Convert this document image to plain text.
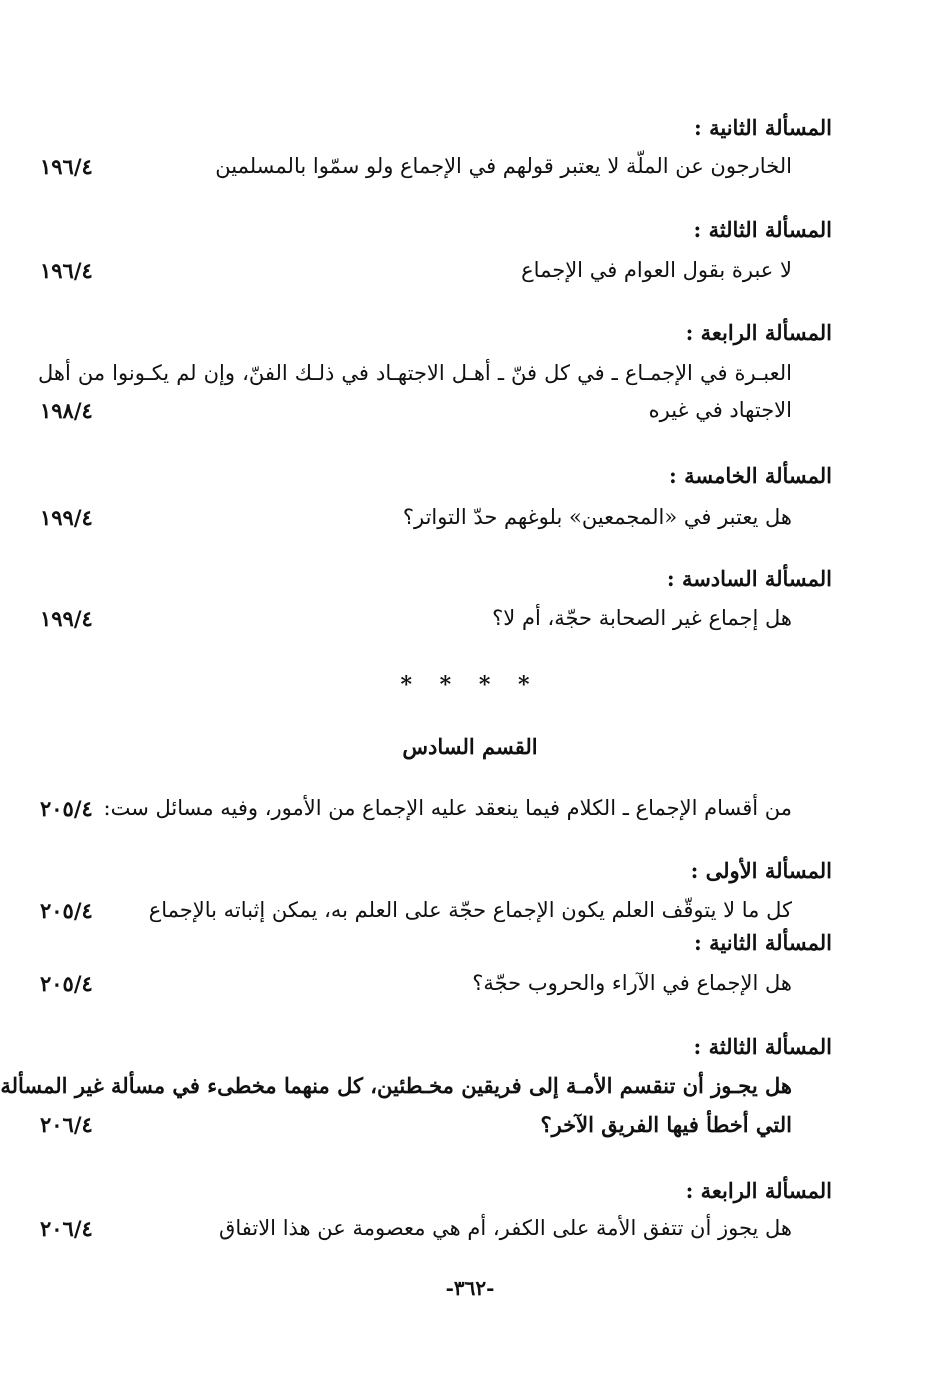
المسألة الثانية :
الخارجون عن الملّة لا يعتبر قولهم في الإجماع ولو سمّوا بالمسلمين
١٩٦/٤
المسألة الثالثة :
لا عبرة بقول العوام في الإجماع
١٩٦/٤
المسألة الرابعة :
العبـرة في الإجمـاع ـ في كل فنّ ـ أهـل الاجتهـاد في ذلـك الفنّ، وإن لم يكـونوا من أهل
الاجتهاد في غيره
١٩٨/٤
المسألة الخامسة :
هل يعتبر في «المجمعين» بلوغهم حدّ التواتر؟
١٩٩/٤
المسألة السادسة :
هل إجماع غير الصحابة حجّة، أم لا؟
١٩٩/٤
* * * *
القسم السادس
من أقسام الإجماع ـ الكلام فيما ينعقد عليه الإجماع من الأمور، وفيه مسائل ست:
٢٠٥/٤
المسألة الأولى :
كل ما لا يتوقّف العلم يكون الإجماع حجّة على العلم به، يمكن إثباته بالإجماع
٢٠٥/٤
المسألة الثانية :
هل الإجماع في الآراء والحروب حجّة؟
٢٠٥/٤
المسألة الثالثة :
هل يجـوز أن تنقسم الأمـة إلى فريقين مخـطئين، كل منهما مخطىء في مسألة غير المسألة
التي أخطأ فيها الفريق الآخر؟
٢٠٦/٤
المسألة الرابعة :
هل يجوز أن تتفق الأمة على الكفر، أم هي معصومة عن هذا الاتفاق
٢٠٦/٤
-٣٦٢-
